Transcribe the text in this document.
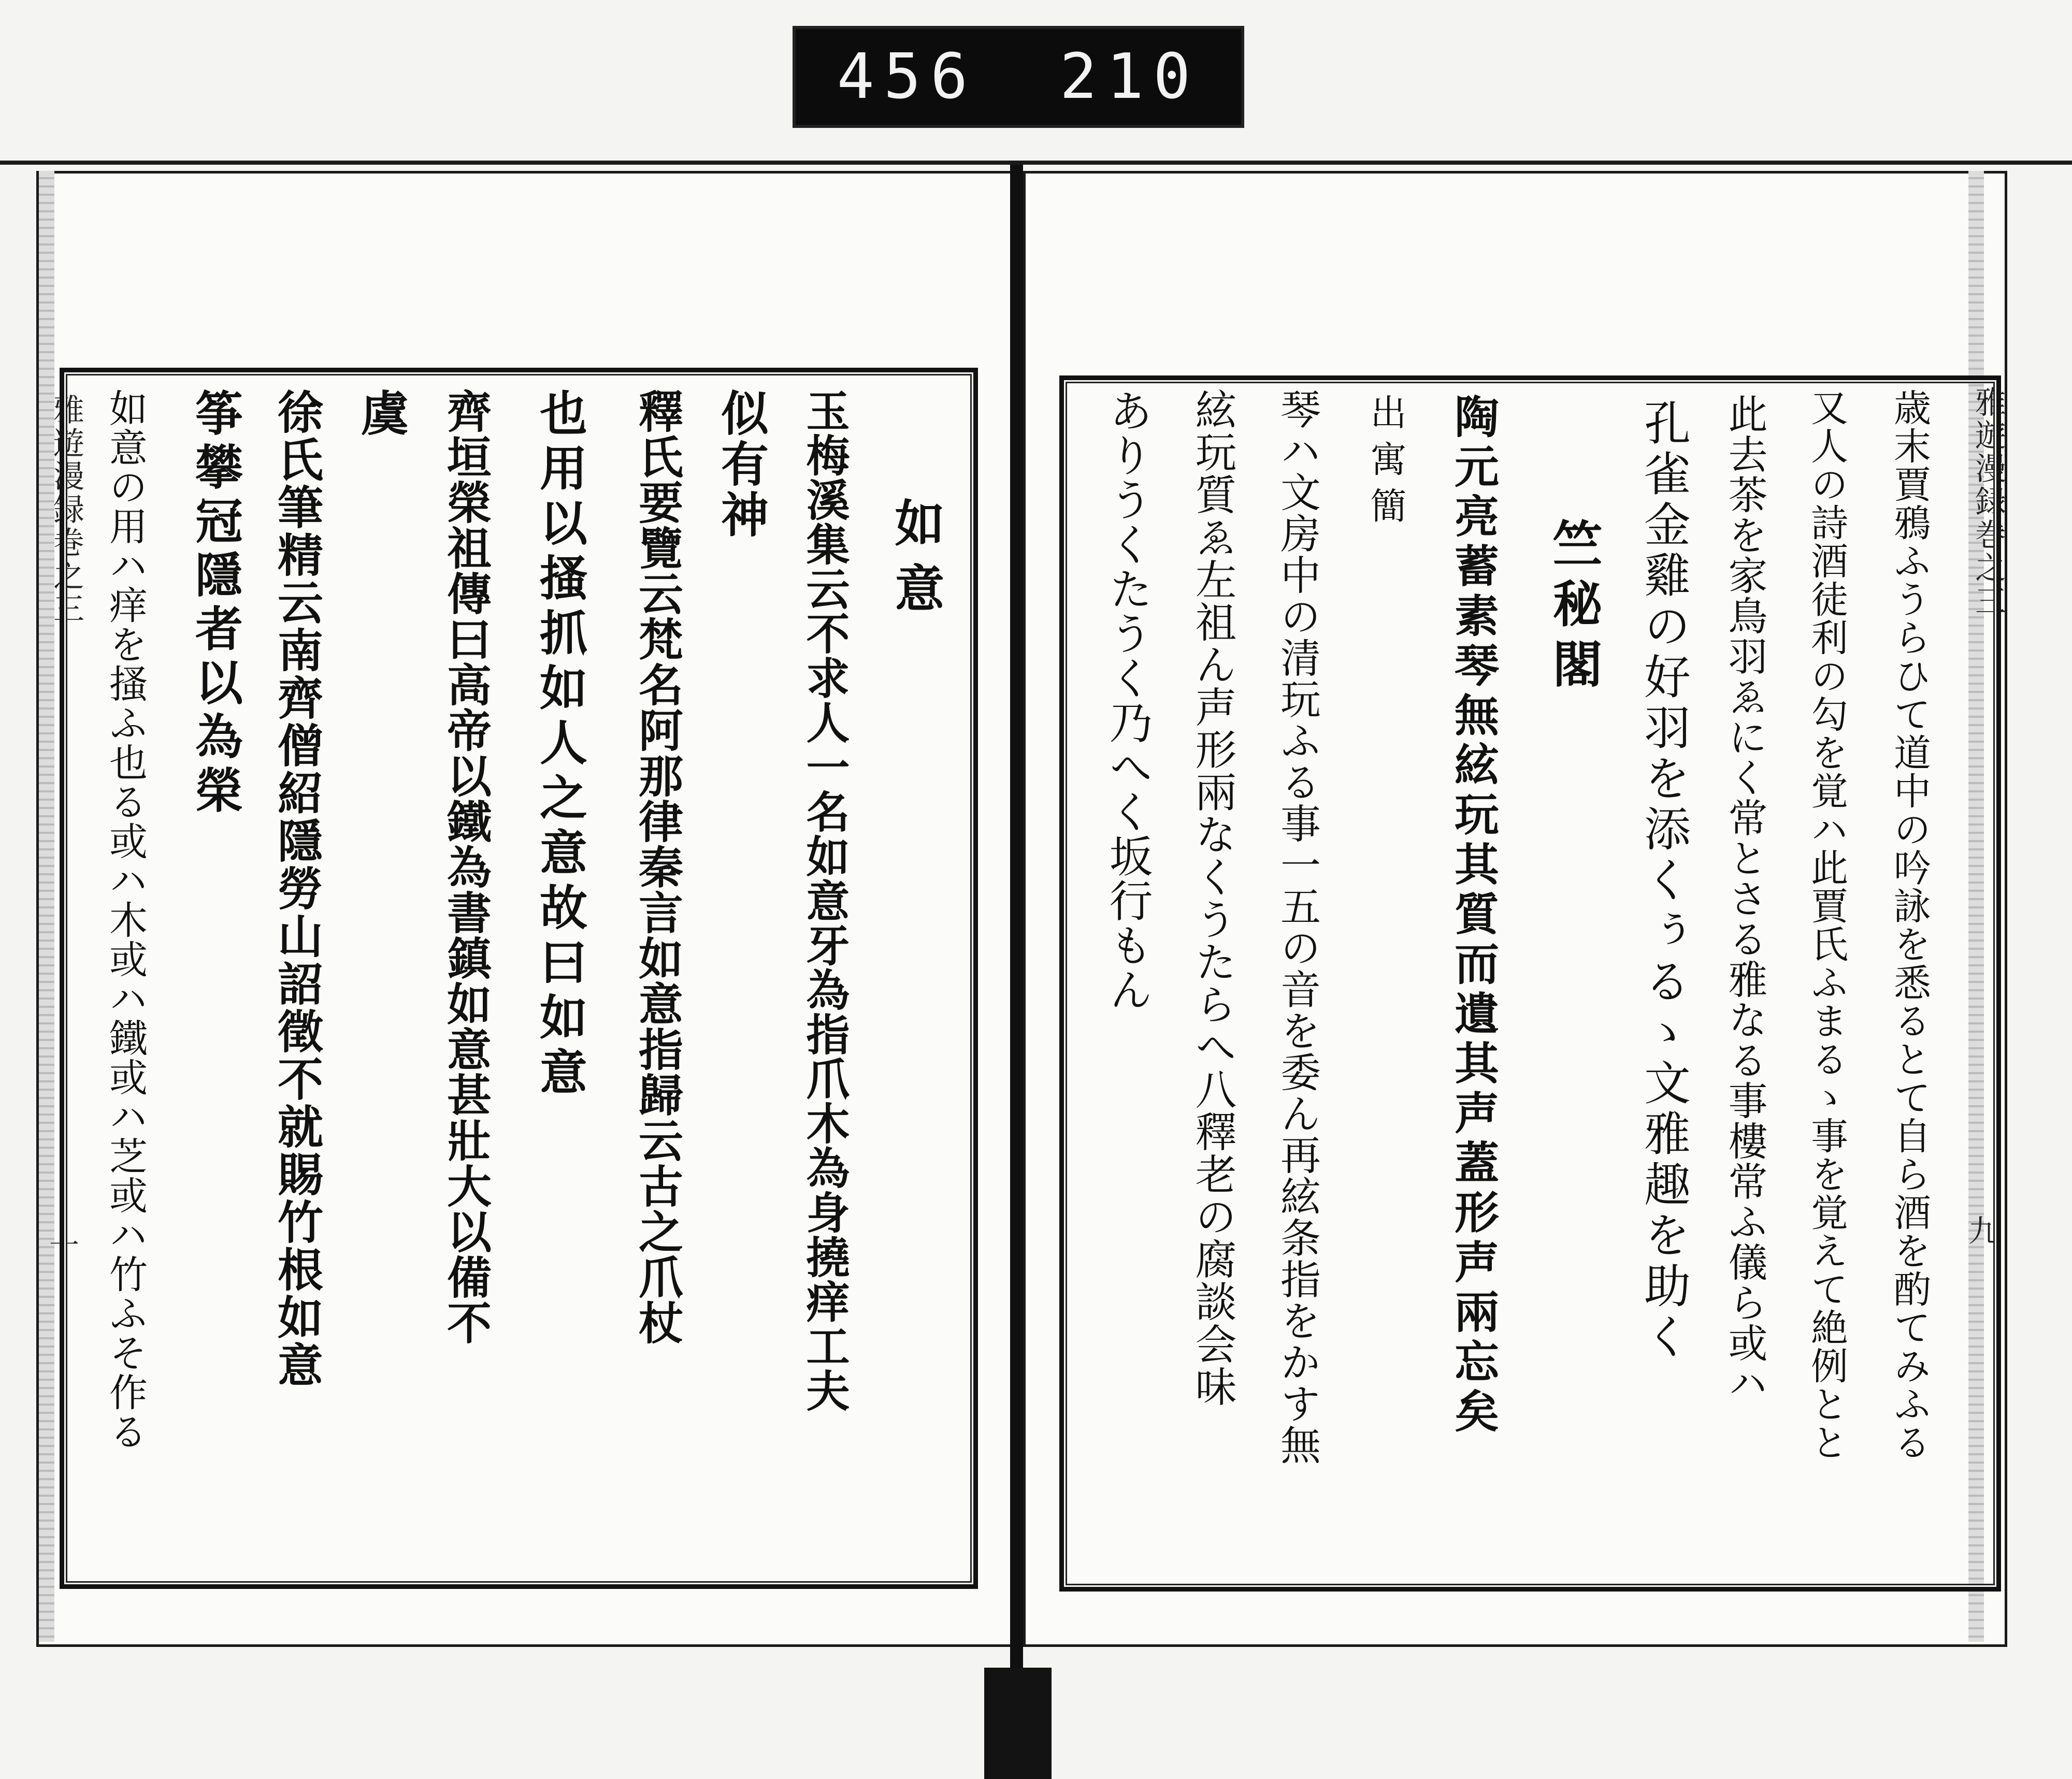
456 210
雅遊漫録巻之三
十
如意
玉梅溪集云不求人一名如意牙為指爪木為身撓痒工夫
似有神
釋氏要覽云梵名阿那律秦言如意指歸云古之爪杖
也用以搔抓如人之意故曰如意
齊垣榮祖傳曰高帝以鐵為書鎮如意甚壯大以備不
虞
徐氏筆精云南齊僧紹隱勞山詔徵不就賜竹根如意
筝攀冠隱者以為榮
如意の用ハ痒を搔ふ也る或ハ木或ハ鐵或ハ芝或ハ竹ふそ作る	雅遊漫録巻之三
九
歳末賈鴉ふうらひて道中の吟詠を悉るとて自ら酒を酌てみふる
又人の詩酒徒利の勾を覚ハ此賈氏ふまるゝ事を覚えて絶例とと
此去茶を家鳥羽ゑにく常とさる雅なる事樓常ふ儀ら或ハ
孔雀金雞の好羽を添くぅるゝ文雅趣を助く
竺秘閣
陶元亮蓄素琴無絃玩其質而遺其声蓋形声兩忘矣
出寓簡
琴ハ文房中の清玩ふる事一五の音を委ん再絃条指をかす無
絃玩質ゑ左祖ん声形兩なくうたらへ八釋老の腐談会味
ありうくたうく乃へく坂行もん
